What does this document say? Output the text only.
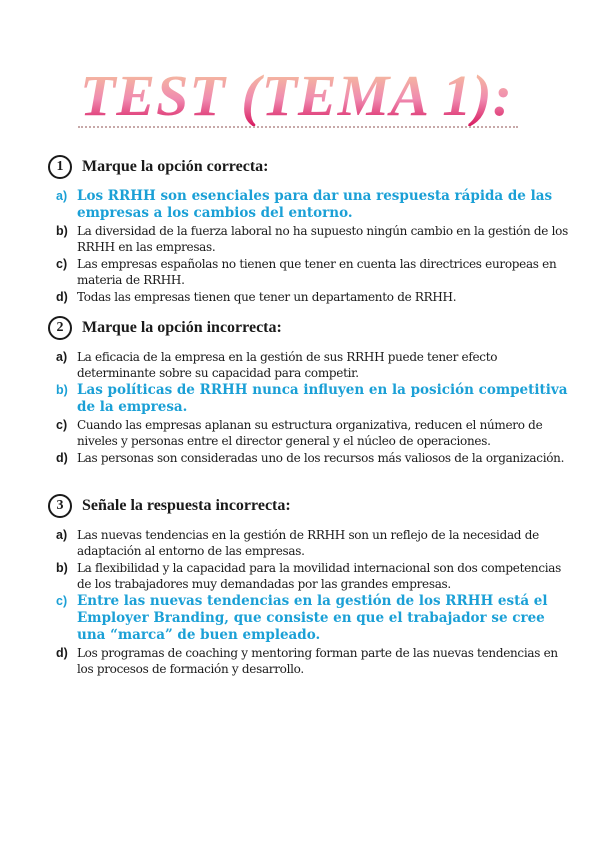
TEST (TEMA 1):
1	Marque la opción correcta:
a) Los RRHH son esenciales para dar una respuesta rápida de las empresas a los cambios del entorno.
b) La diversidad de la fuerza laboral no ha supuesto ningún cambio en la gestión de los RRHH en las empresas.
c) Las empresas españolas no tienen que tener en cuenta las directrices europeas en materia de RRHH.
d) Todas las empresas tienen que tener un departamento de RRHH.
2	Marque la opción incorrecta:
a) La eficacia de la empresa en la gestión de sus RRHH puede tener efecto determinante sobre su capacidad para competir.
b) Las políticas de RRHH nunca influyen en la posición competitiva de la empresa.
c) Cuando las empresas aplanan su estructura organizativa, reducen el número de niveles y personas entre el director general y el núcleo de operaciones.
d) Las personas son consideradas uno de los recursos más valiosos de la organización.
3	Señale la respuesta incorrecta:
a) Las nuevas tendencias en la gestión de RRHH son un reflejo de la necesidad de adaptación al entorno de las empresas.
b) La flexibilidad y la capacidad para la movilidad internacional son dos competencias de los trabajadores muy demandadas por las grandes empresas.
c) Entre las nuevas tendencias en la gestión de los RRHH está el Employer Branding, que consiste en que el trabajador se cree una “marca” de buen empleado.
d) Los programas de coaching y mentoring forman parte de las nuevas tendencias en los procesos de formación y desarrollo.
